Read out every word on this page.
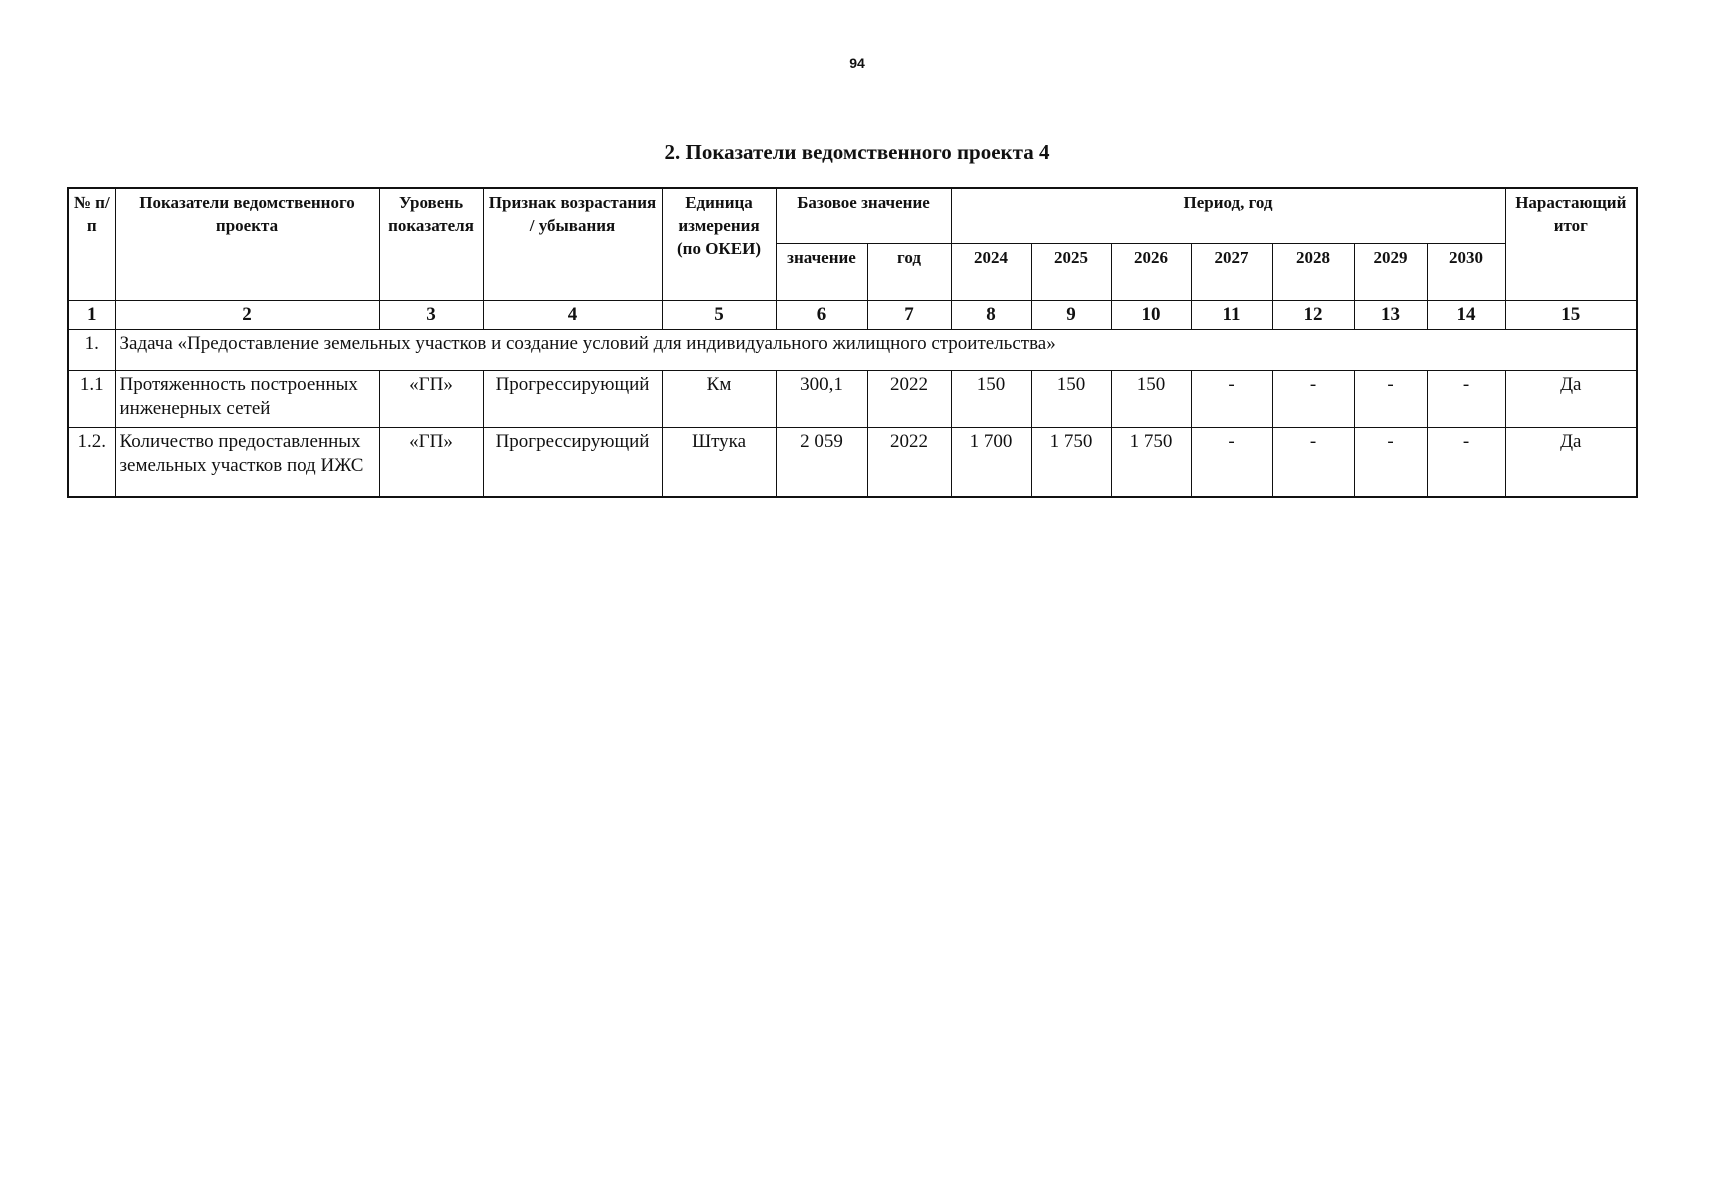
94
2. Показатели ведомственного проекта 4
№ п/п	Показатели ведомственного проекта	Уровень показателя	Признак возрастания / убывания	Единица измерения (по ОКЕИ)	Базовое значение		Период, год							Нарастающий итог
					значение	год	2024	2025	2026	2027	2028	2029	2030	
1	2	3	4	5	6	7	8	9	10	11	12	13	14	15
1.	Задача «Предоставление земельных участков и создание условий для индивидуального жилищного строительства»													
1.1	Протяженность построенных инженерных сетей	«ГП»	Прогрессирующий	Км	300,1	2022	150	150	150	-	-	-	-	Да
1.2.	Количество предоставленных земельных участков под ИЖС	«ГП»	Прогрессирующий	Штука	2 059	2022	1 700	1 750	1 750	-	-	-	-	Да
